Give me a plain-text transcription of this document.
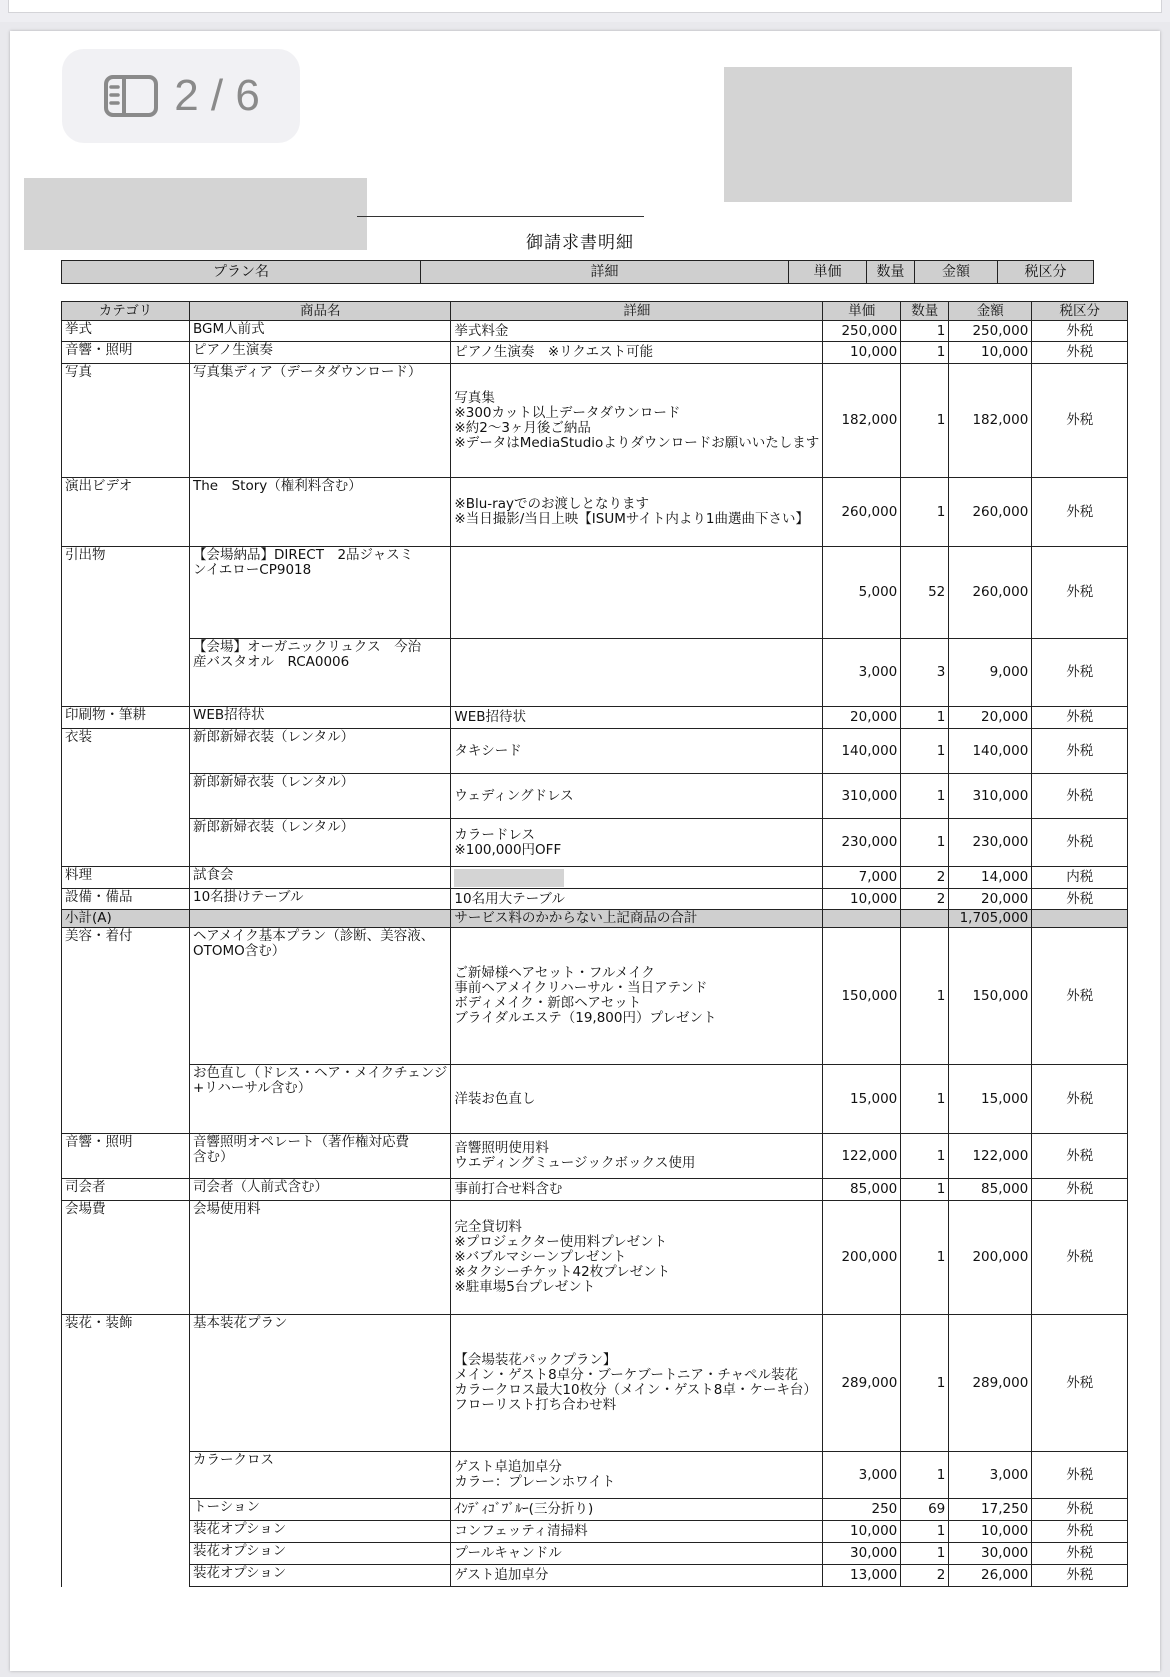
2 / 6
御請求書明細
プラン名	詳細	単価	数量	金額	税区分
カテゴリ	商品名	詳細	単価	数量	金額	税区分
挙式	BGM人前式	挙式料金	250,000	1	250,000	外税
音響・照明	ピアノ生演奏	ピアノ生演奏　※リクエスト可能	10,000	1	10,000	外税
写真	写真集ディア（データダウンロード）	写真集
※300カット以上データダウンロード
※約2～3ヶ月後ご納品
※データはMediaStudioよりダウンロードお願いいたします	182,000	1	182,000	外税
演出ビデオ	The　Story（権利料含む）	※Blu-rayでのお渡しとなります
※当日撮影/当日上映【ISUMサイト内より1曲選曲下さい】	260,000	1	260,000	外税
引出物	【会場納品】DIRECT　2品ジャスミ
ンイエローCP9018		5,000	52	260,000	外税

	【会場】オーガニックリュクス　今治
産バスタオル　RCA0006		3,000	3	9,000	外税
印刷物・筆耕	WEB招待状	WEB招待状	20,000	1	20,000	外税
衣装	新郎新婦衣装（レンタル）	タキシード	140,000	1	140,000	外税
	新郎新婦衣装（レンタル）	ウェディングドレス	310,000	1	310,000	外税
	新郎新婦衣装（レンタル）	カラードレス
※100,000円OFF	230,000	1	230,000	外税
料理	試食会		7,000	2	14,000	内税
設備・備品	10名掛けテーブル	10名用大テーブル	10,000	2	20,000	外税
小計(A)		サービス料のかからない上記商品の合計			1,705,000	
美容・着付	ヘアメイク基本プラン（診断、美容液、
OTOMO含む）	ご新婦様ヘアセット・フルメイク
事前ヘアメイクリハーサル・当日アテンド
ボディメイク・新郎ヘアセット
ブライダルエステ（19,800円）プレゼント	150,000	1	150,000	外税

	お色直し（ドレス・ヘア・メイクチェンジ
+リハーサル含む）	洋装お色直し	15,000	1	15,000	外税
音響・照明	音響照明オペレート（著作権対応費
含む）	音響照明使用料
ウエディングミュージックボックス使用	122,000	1	122,000	外税
司会者	司会者（人前式含む）	事前打合せ料含む	85,000	1	85,000	外税
会場費	会場使用料	完全貸切料
※プロジェクター使用料プレゼント
※バブルマシーンプレゼント
※タクシーチケット42枚プレゼント
※駐車場5台プレゼント	200,000	1	200,000	外税
装花・装飾	基本装花プラン	【会場装花パックプラン】
メイン・ゲスト8卓分・ブーケブートニア・チャペル装花
カラークロス最大10枚分（メイン・ゲスト8卓・ケーキ台）
フローリスト打ち合わせ料	289,000	1	289,000	外税
	カラークロス	ゲスト卓追加卓分
カラー：プレーンホワイト	3,000	1	3,000	外税
	トーション	ｲﾝﾃﾞｨｺﾞﾌﾞﾙｰ(三分折り)	250	69	17,250	外税
	装花オプション	コンフェッティ清掃料	10,000	1	10,000	外税
	装花オプション	プールキャンドル	30,000	1	30,000	外税
	装花オプション	ゲスト追加卓分	13,000	2	26,000	外税
